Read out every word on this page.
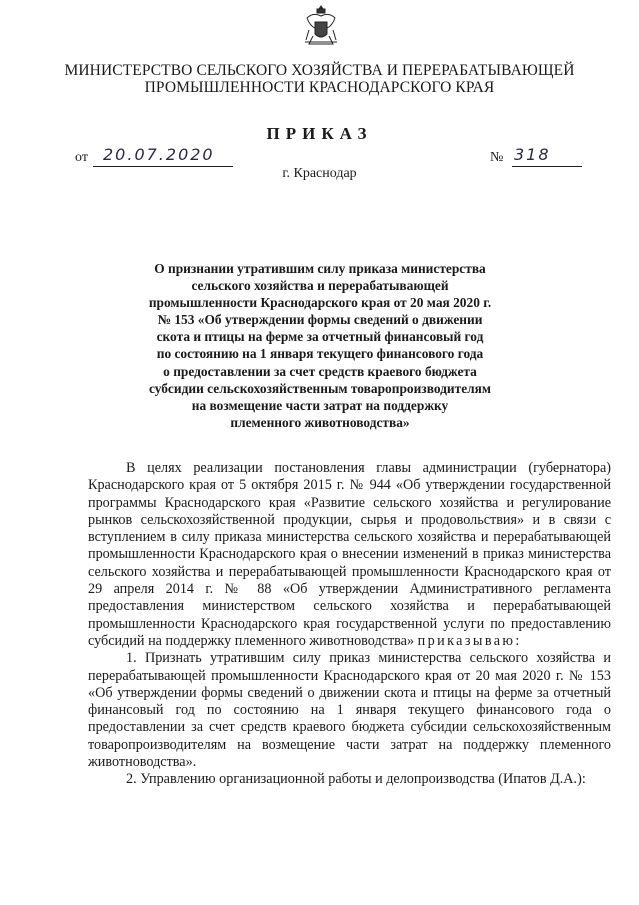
МИНИСТЕРСТВО СЕЛЬСКОГО ХОЗЯЙСТВА И ПЕРЕРАБАТЫВАЮЩЕЙ
ПРОМЫШЛЕННОСТИ КРАСНОДАРСКОГО КРАЯ
ПРИКАЗ
от 20.07.2020	№ 318
г. Краснодар
О признании утратившим силу приказа министерства
сельского хозяйства и перерабатывающей
промышленности Краснодарского края от 20 мая 2020 г.
№ 153 «Об утверждении формы сведений о движении
скота и птицы на ферме за отчетный финансовый год
по состоянию на 1 января текущего финансового года
о предоставлении за счет средств краевого бюджета
субсидии сельскохозяйственным товаропроизводителям
на возмещение части затрат на поддержку
племенного животноводства»

В целях реализации постановления главы администрации (губернатора) Краснодарского края от 5 октября 2015 г. № 944 «Об утверждении государственной программы Краснодарского края «Развитие сельского хозяйства и регулирование рынков сельскохозяйственной продукции, сырья и продовольствия» и в связи с вступлением в силу приказа министерства сельского хозяйства и перерабатывающей промышленности Краснодарского края о внесении изменений в приказ министерства сельского хозяйства и перерабатывающей промышленности Краснодарского края от 29 апреля 2014 г. № 88 «Об утверждении Административного регламента предоставления министерством сельского хозяйства и перерабатывающей промышленности Краснодарского края государственной услуги по предоставлению субсидий на поддержку племенного животноводства» приказываю:

1. Признать утратившим силу приказ министерства сельского хозяйства и перерабатывающей промышленности Краснодарского края от 20 мая 2020 г. № 153 «Об утверждении формы сведений о движении скота и птицы на ферме за отчетный финансовый год по состоянию на 1 января текущего финансового года о предоставлении за счет средств краевого бюджета субсидии сельскохозяйственным товаропроизводителям на возмещение части затрат на поддержку племенного животноводства».

2. Управлению организационной работы и делопроизводства (Ипатов Д.А.):
